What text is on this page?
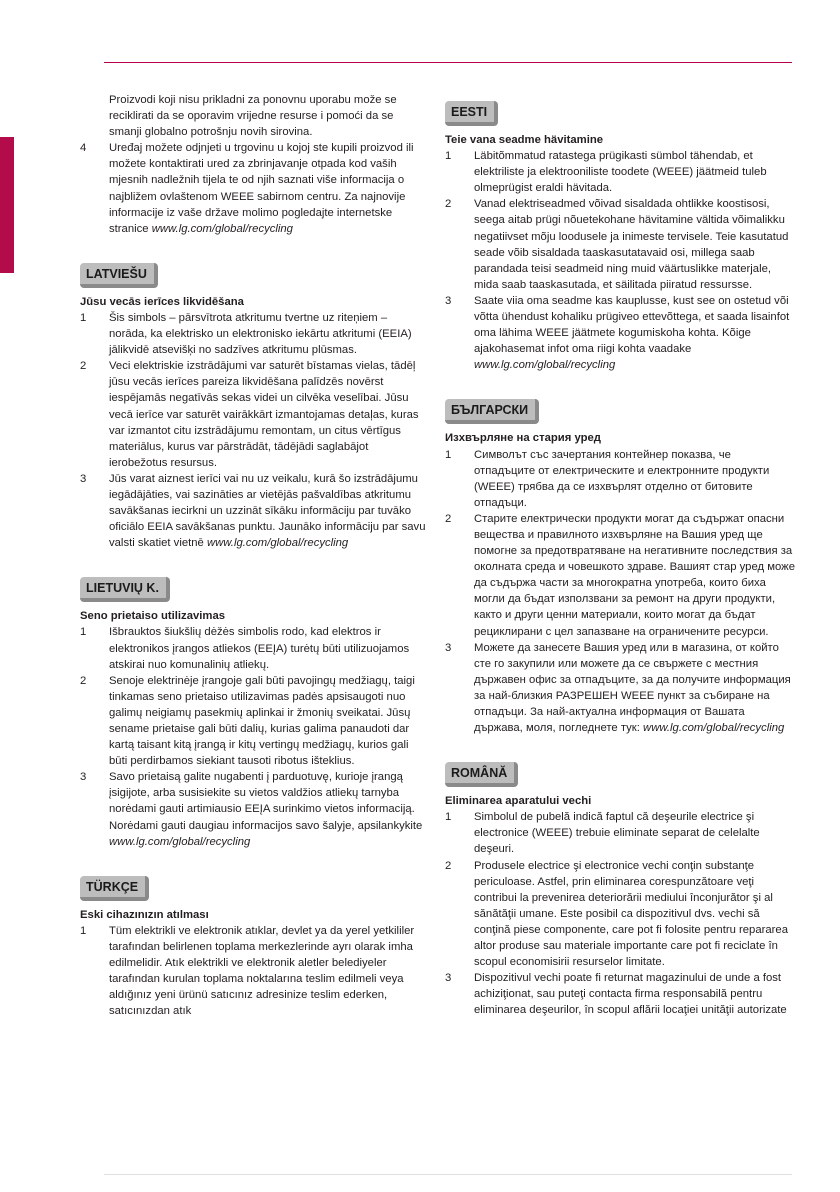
Proizvodi koji nisu prikladni za ponovnu uporabu može se reciklirati da se oporavim vrijedne resurse i pomoći da se smanji globalno potrošnju novih sirovina.

4	Uređaj možete odjnjeti u trgovinu u kojoj ste kupili proizvod ili možete kontaktirati ured za zbrinjavanje otpada kod vaših mjesnih nadležnih tijela te od njih saznati više informacija o najbližem ovlaštenom WEEE sabirnom centru. Za najnovije informacije iz vaše države molimo pogledajte internetske stranice www.lg.com/global/recycling
LATVIEŠU
Jūsu vecās ierīces likvidēšana
1	Šis simbols – pārsvītrota atkritumu tvertne uz riteņiem – norāda, ka elektrisko un elektronisko iekārtu atkritumi (EEIA) jālikvidē atsevišķi no sadzīves atkritumu plūsmas.
2	Veci elektriskie izstrādājumi var saturēt bīstamas vielas, tādēļ jūsu vecās ierīces pareiza likvidēšana palīdzēs novērst iespējamās negatīvās sekas videi un cilvēka veselībai. Jūsu vecā ierīce var saturēt vairākkārt izmantojamas detaļas, kuras var izmantot citu izstrādājumu remontam, un citus vērtīgus materiālus, kurus var pārstrādāt, tādējādi saglabājot ierobežotus resursus.
3	Jūs varat aiznest ierīci vai nu uz veikalu, kurā šo izstrādājumu iegādājāties, vai sazināties ar vietējās pašvaldības atkritumu savākšanas iecirkni un uzzināt sīkāku informāciju par tuvāko oficiālo EEIA savākšanas punktu. Jaunāko informāciju par savu valsti skatiet vietnē www.lg.com/global/recycling
LIETUVIŲ K.
Seno prietaiso utilizavimas
1	Išbrauktos šiukšlių dėžės simbolis rodo, kad elektros ir elektronikos įrangos atliekos (EEĮA) turėtų būti utilizuojamos atskirai nuo komunalinių atliekų.
2	Senoje elektrinėje įrangoje gali būti pavojingų medžiagų, taigi tinkamas seno prietaiso utilizavimas padės apsisaugoti nuo galimų neigiamų pasekmių aplinkai ir žmonių sveikatai. Jūsų sename prietaise gali būti dalių, kurias galima panaudoti dar kartą taisant kitą įrangą ir kitų vertingų medžiagų, kurios gali būti perdirbamos siekiant tausoti ribotus išteklius.
3	Savo prietaisą galite nugabenti į parduotuvę, kurioje įrangą įsigijote, arba susisiekite su vietos valdžios atliekų tarnyba norėdami gauti artimiausio EEĮA surinkimo vietos informaciją. Norėdami gauti daugiau informacijos savo šalyje, apsilankykite www.lg.com/global/recycling
TÜRKÇE
Eski cihazınızın atılması
1	Tüm elektrikli ve elektronik atıklar, devlet ya da yerel yetkililer tarafından belirlenen toplama merkezlerinde ayrı olarak imha edilmelidir. Atık elektrikli ve elektronik aletler belediyeler tarafından kurulan toplama noktalarına teslim edilmeli veya aldığınız yeni ürünü satıcınız adresinize teslim ederken, satıcınızdan atık
EESTI
Teie vana seadme hävitamine
1	Läbitõmmatud ratastega prügikasti sümbol tähendab, et elektriliste ja elektrooniliste toodete (WEEE) jäätmeid tuleb olmeprügist eraldi hävitada.
2	Vanad elektriseadmed võivad sisaldada ohtlikke koostisosi, seega aitab prügi nõuetekohane hävitamine vältida võimalikku negatiivset mõju loodusele ja inimeste tervisele. Teie kasutatud seade võib sisaldada taaskasutatavaid osi, millega saab parandada teisi seadmeid ning muid väärtuslikke materjale, mida saab taaskasutada, et säilitada piiratud ressursse.
3	Saate viia oma seadme kas kauplusse, kust see on ostetud või võtta ühendust kohaliku prügiveo ettevõttega, et saada lisainfot oma lähima WEEE jäätmete kogumiskoha kohta. Kõige ajakohasemat infot oma riigi kohta vaadake www.lg.com/global/recycling
БЪЛГАРСКИ
Изхвърляне на стария уред
1	Символът със зачертания контейнер показва, че отпадъците от електрическите и електронните продукти (WEEE) трябва да се изхвърлят отделно от битовите отпадъци.
2	Старите електрически продукти могат да съдържат опасни вещества и правилното изхвърляне на Вашия уред ще помогне за предотвратяване на негативните последствия за околната среда и човешкото здраве. Вашият стар уред може да съдържа части за многократна употреба, които биха могли да бъдат използвани за ремонт на други продукти, както и други ценни материали, които могат да бъдат рециклирани с цел запазване на ограничените ресурси.
3	Можете да занесете Вашия уред или в магазина, от който сте го закупили или можете да се свържете с местния държавен офис за отпадъците, за да получите информация за най-близкия РАЗРЕШЕН WEEE пункт за събиране на отпадъци. За най-актуална информация от Вашата държава, моля, погледнете тук: www.lg.com/global/recycling
ROMÂNĂ
Eliminarea aparatului vechi
1	Simbolul de pubelă indică faptul că deşeurile electrice şi electronice (WEEE) trebuie eliminate separat de celelalte deşeuri.
2	Produsele electrice şi electronice vechi conţin substanţe periculoase. Astfel, prin eliminarea corespunzătoare veţi contribui la prevenirea deteriorării mediului înconjurător şi al sănătăţii umane. Este posibil ca dispozitivul dvs. vechi să conţină piese componente, care pot fi folosite pentru repararea altor produse sau materiale importante care pot fi reciclate în scopul economisirii resurselor limitate.
3	Dispozitivul vechi poate fi returnat magazinului de unde a fost achiziţionat, sau puteţi contacta firma responsabilă pentru eliminarea deşeurilor, în scopul aflării locaţiei unităţii autorizate
